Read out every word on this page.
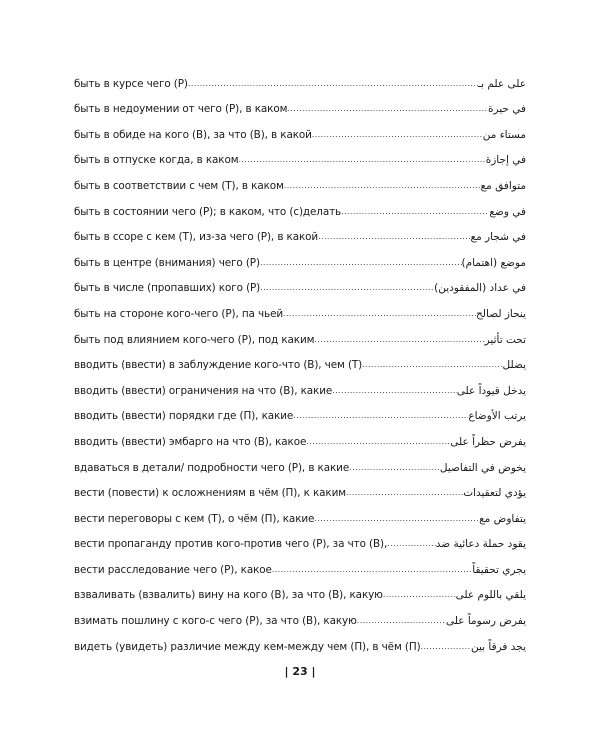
быть в курсе чего (Р) .....	على علم بـ
быть в недоумении от чего (Р), в каком .....	في حيرة
быть в обиде на кого (В), за что (В), в какой .....	مستاء من
быть в отпуске когда, в каком .....	في إجازة
быть в соответствии с чем (Т), в каком .....	متوافق مع
быть в состоянии чего (Р); в каком, что (с)делать .....	في وضع
быть в ссоре с кем (Т), из-за чего (Р), в какой .....	في شجار مع
быть в центре (внимания) чего (Р) .....	موضع (اهتمام)
быть в числе (пропавших) кого (Р) .....	في عداد (المفقودين)
быть на стороне кого-чего (Р), па чьей .....	ينحاز لصالح
быть под влиянием кого-чего (Р), под каким .....	تحت تأثير
вводить (ввести) в заблуждение кого-что (В), чем (Т) .....	يضلل
вводить (ввести) ограничения на что (В), какие .....	يدخل قيوداً على
вводить (ввести) порядки где (П), какие .....	يرتب الأوضاع
вводить (ввести) эмбарго на что (В), какое .....	يفرض حظراً على
вдаваться в детали/ подробности чего (Р), в какие .....	يخوض في التفاصيل
вести (повести) к осложнениям в чём (П), к каким .....	يؤدي لتعقيدات
вести переговоры с кем (Т), о чём (П), какие .....	يتفاوض مع
вести пропаганду против кого-против чего (Р), за что (В), .....	يقود حملة دعائية ضد
вести расследование чего (Р), какое .....	يجري تحقيقاً
взваливать (взвалить) вину на кого (В), за что (В), какую .....	يلقي باللوم على
взимать пошлину с кого-с чего (Р), за что (В), какую .....	يفرض رسوماً على
видеть (увидеть) различие между кем-между чем (П), в чём (П) .....	يجد فرقاً بين
| 23 |
